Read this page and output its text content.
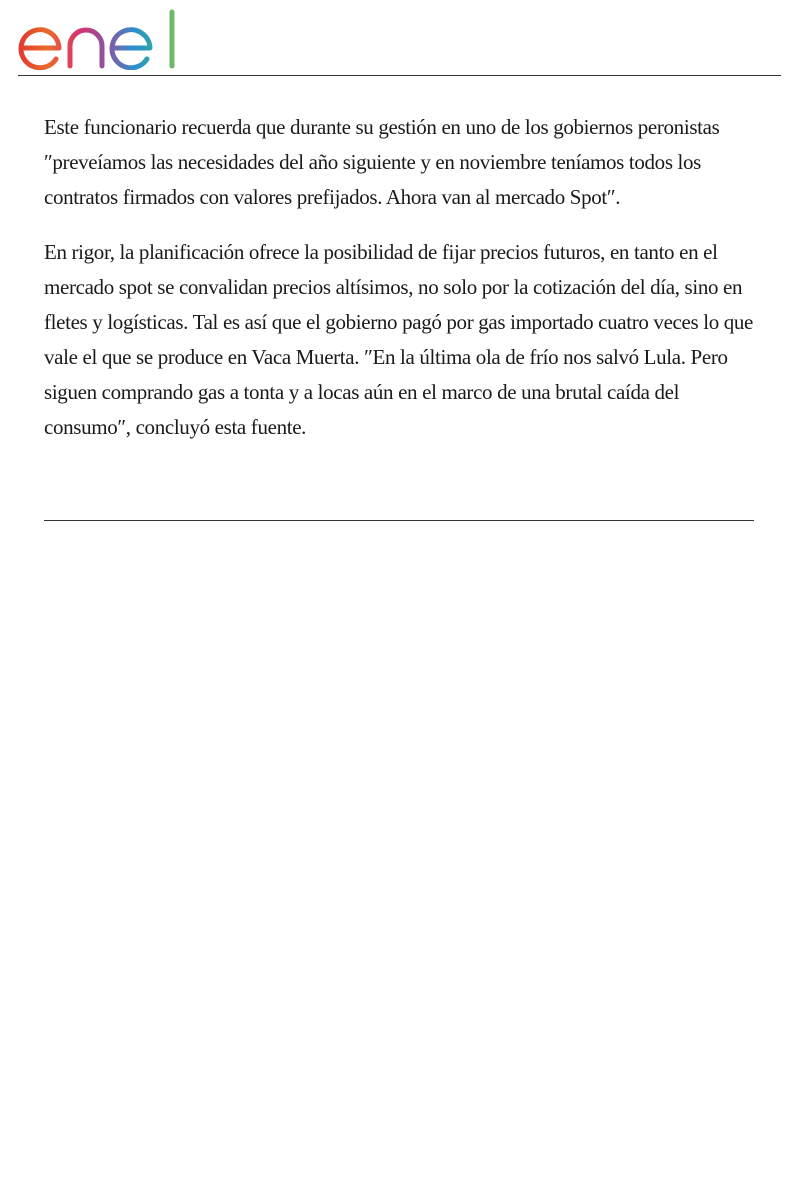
Este funcionario recuerda que durante su gestión en uno de los gobiernos peronistas ″preveíamos las necesidades del año siguiente y en noviembre teníamos todos los contratos firmados con valores prefijados. Ahora van al mercado Spot″.

En rigor, la planificación ofrece la posibilidad de fijar precios futuros, en tanto en el mercado spot se convalidan precios altísimos, no solo por la cotización del día, sino en fletes y logísticas. Tal es así que el gobierno pagó por gas importado cuatro veces lo que vale el que se produce en Vaca Muerta. ″En la última ola de frío nos salvó Lula. Pero siguen comprando gas a tonta y a locas aún en el marco de una brutal caída del consumo″, concluyó esta fuente.
